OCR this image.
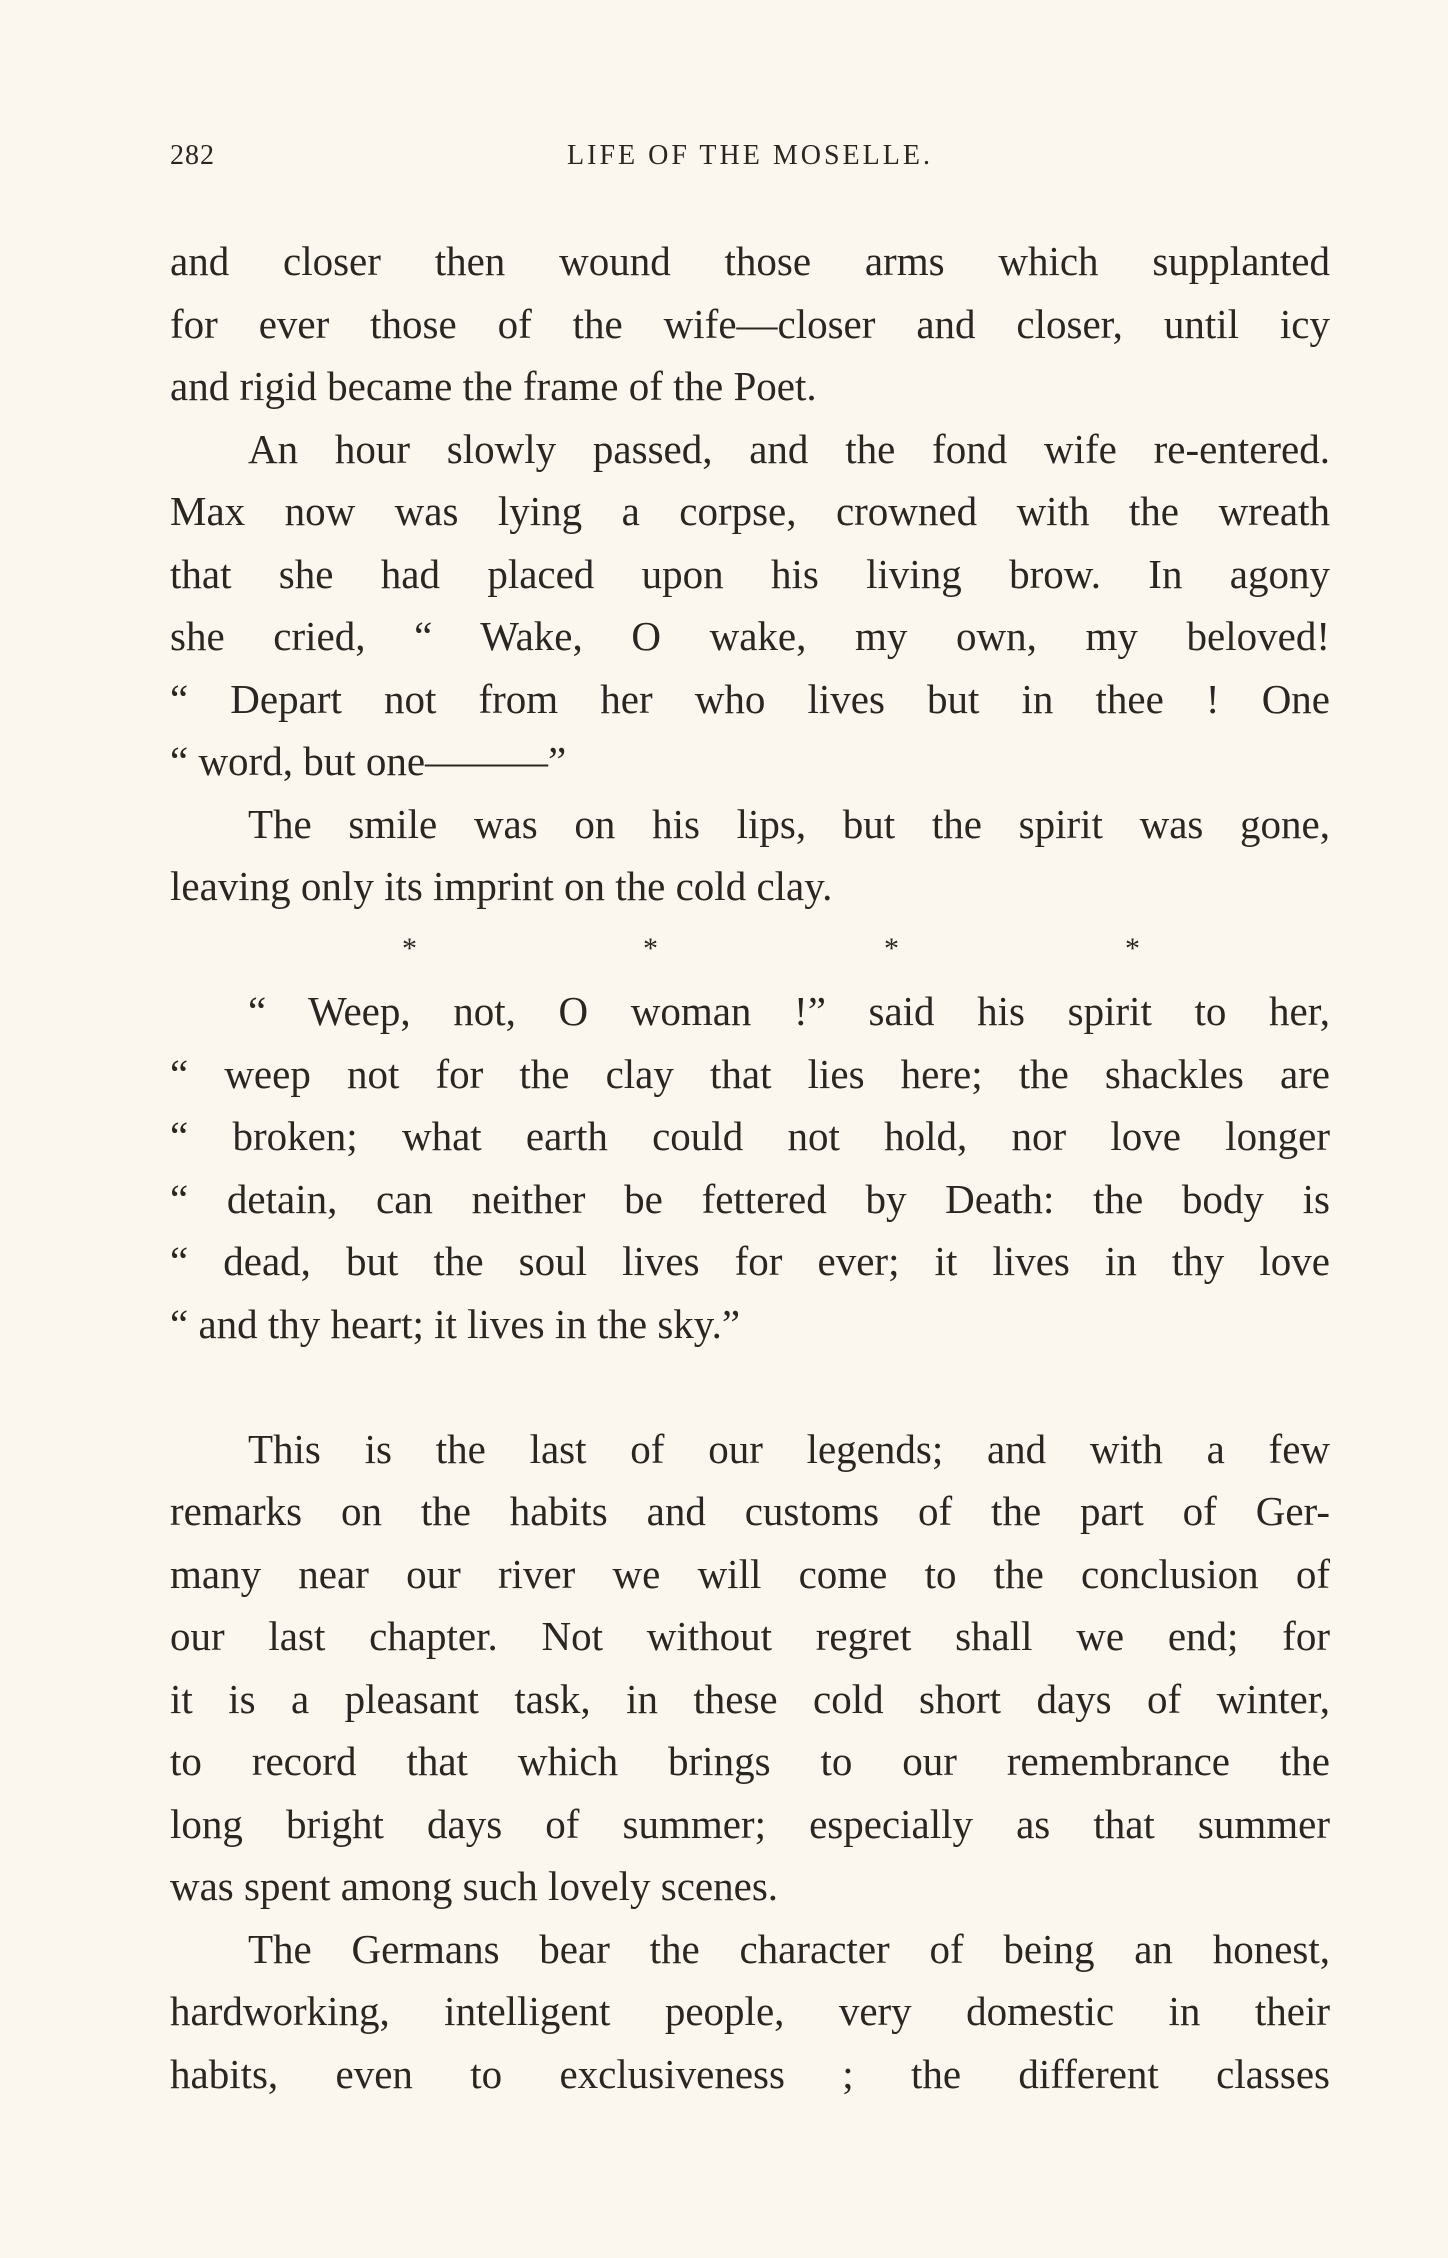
282	LIFE OF THE MOSELLE.
and closer then wound those arms which supplanted
for ever those of the wife—closer and closer, until icy
and rigid became the frame of the Poet.
An hour slowly passed, and the fond wife re-entered.
Max now was lying a corpse, crowned with the wreath
that she had placed upon his living brow. In agony
she cried, “ Wake, O wake, my own, my beloved!
“ Depart not from her who lives but in thee ! One
“ word, but one———”
The smile was on his lips, but the spirit was gone,
leaving only its imprint on the cold clay.
*	*	*	*
“ Weep, not, O woman !” said his spirit to her,
“ weep not for the clay that lies here; the shackles are
“ broken; what earth could not hold, nor love longer
“ detain, can neither be fettered by Death: the body is
“ dead, but the soul lives for ever; it lives in thy love
“ and thy heart; it lives in the sky.”
This is the last of our legends; and with a few
remarks on the habits and customs of the part of Ger-
many near our river we will come to the conclusion of
our last chapter. Not without regret shall we end; for
it is a pleasant task, in these cold short days of winter,
to record that which brings to our remembrance the
long bright days of summer; especially as that summer
was spent among such lovely scenes.
The Germans bear the character of being an honest,
hardworking, intelligent people, very domestic in their
habits, even to exclusiveness ; the different classes
